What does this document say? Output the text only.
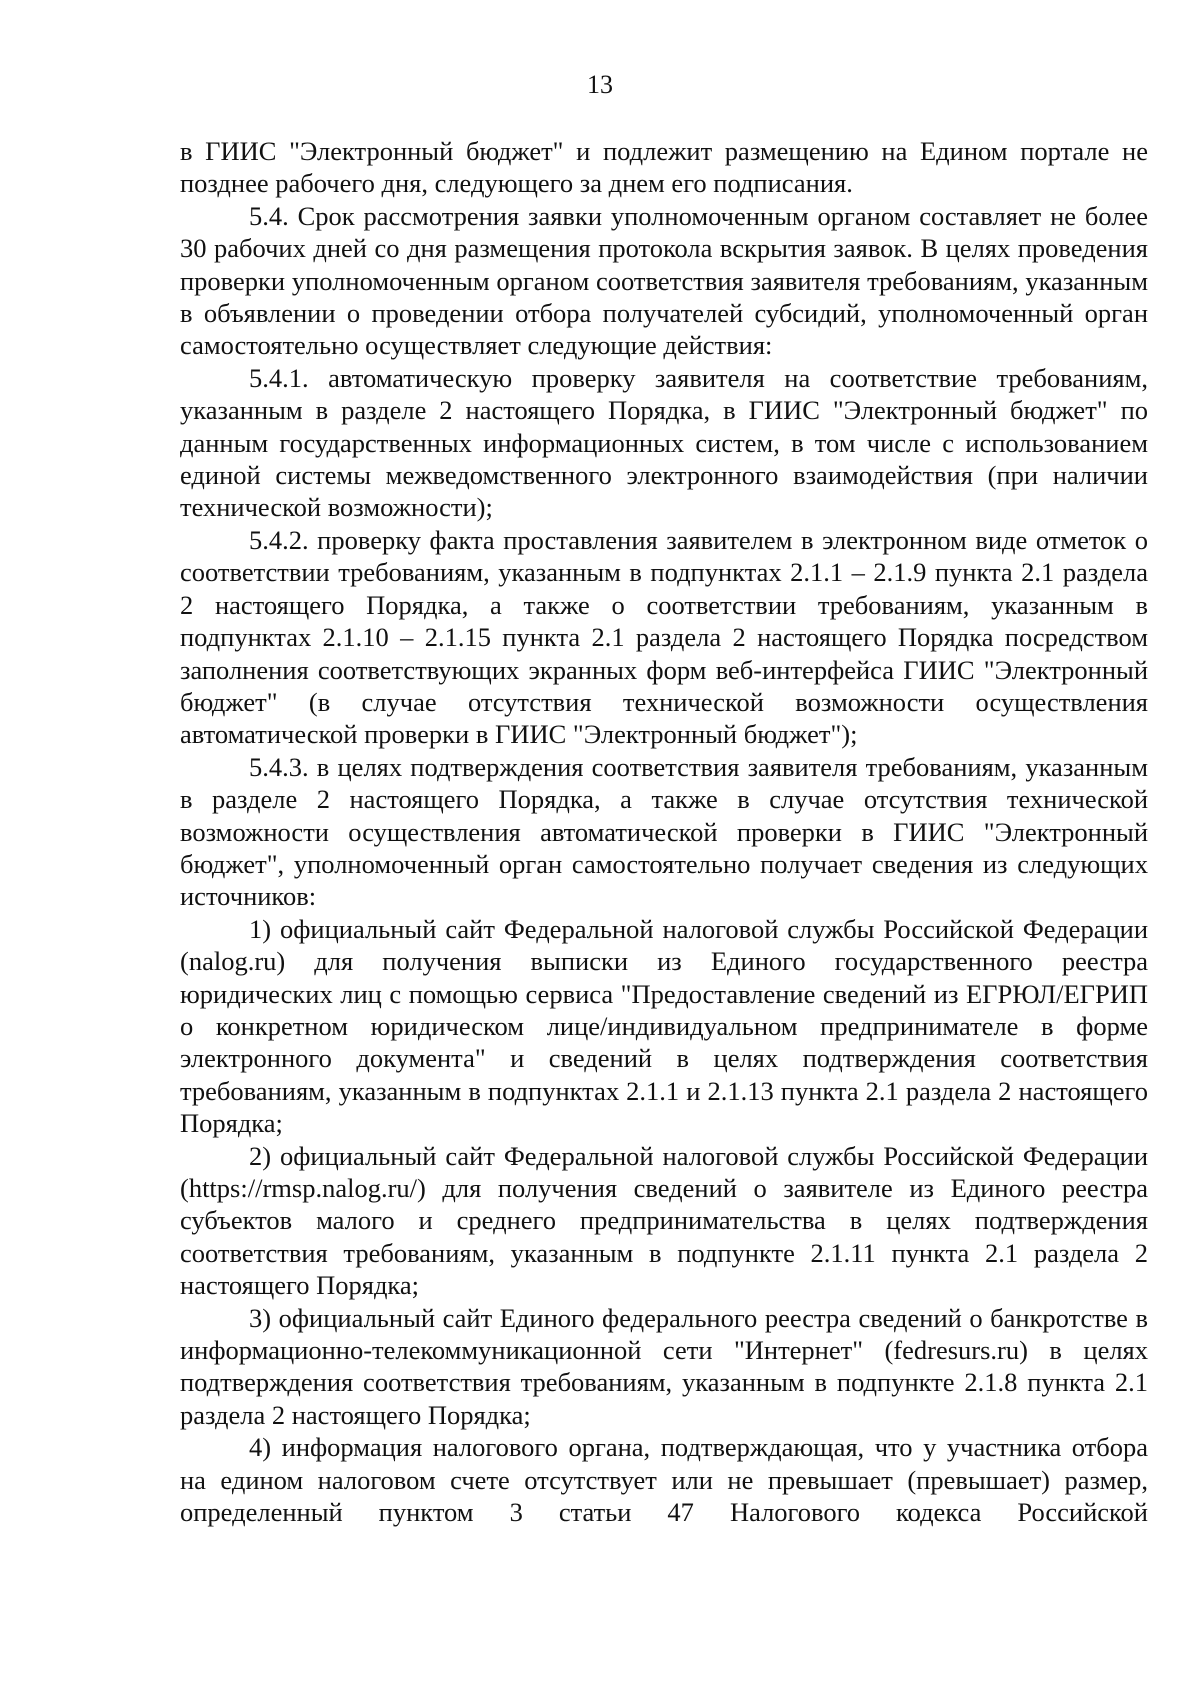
13

в ГИИС "Электронный бюджет" и подлежит размещению на Едином портале не позднее рабочего дня, следующего за днем его подписания.

5.4. Срок рассмотрения заявки уполномоченным органом составляет не более 30 рабочих дней со дня размещения протокола вскрытия заявок. В целях проведения проверки уполномоченным органом соответствия заявителя требованиям, указанным в объявлении о проведении отбора получателей субсидий, уполномоченный орган самостоятельно осуществляет следующие действия:

5.4.1. автоматическую проверку заявителя на соответствие требованиям, указанным в разделе 2 настоящего Порядка, в ГИИС "Электронный бюджет" по данным государственных информационных систем, в том числе с использованием единой системы межведомственного электронного взаимодействия (при наличии технической возможности);

5.4.2. проверку факта проставления заявителем в электронном виде отметок о соответствии требованиям, указанным в подпунктах 2.1.1 – 2.1.9 пункта 2.1 раздела 2 настоящего Порядка, а также о соответствии требованиям, указанным в подпунктах 2.1.10 – 2.1.15 пункта 2.1 раздела 2 настоящего Порядка посредством заполнения соответствующих экранных форм веб-интерфейса ГИИС "Электронный бюджет" (в случае отсутствия технической возможности осуществления автоматической проверки в ГИИС "Электронный бюджет");

5.4.3. в целях подтверждения соответствия заявителя требованиям, указанным в разделе 2 настоящего Порядка, а также в случае отсутствия технической возможности осуществления автоматической проверки в ГИИС "Электронный бюджет", уполномоченный орган самостоятельно получает сведения из следующих источников:

1) официальный сайт Федеральной налоговой службы Российской Федерации (nalog.ru) для получения выписки из Единого государственного реестра юридических лиц с помощью сервиса "Предоставление сведений из ЕГРЮЛ/ЕГРИП о конкретном юридическом лице/индивидуальном предпринимателе в форме электронного документа" и сведений в целях подтверждения соответствия требованиям, указанным в подпунктах 2.1.1 и 2.1.13 пункта 2.1 раздела 2 настоящего Порядка;

2) официальный сайт Федеральной налоговой службы Российской Федерации (https://rmsp.nalog.ru/) для получения сведений о заявителе из Единого реестра субъектов малого и среднего предпринимательства в целях подтверждения соответствия требованиям, указанным в подпункте 2.1.11 пункта 2.1 раздела 2 настоящего Порядка;

3) официальный сайт Единого федерального реестра сведений о банкротстве в информационно-телекоммуникационной сети "Интернет" (fedresurs.ru) в целях подтверждения соответствия требованиям, указанным в подпункте 2.1.8 пункта 2.1 раздела 2 настоящего Порядка;

4) информация налогового органа, подтверждающая, что у участника отбора на едином налоговом счете отсутствует или не превышает (превышает) размер, определенный пунктом 3 статьи 47 Налогового кодекса Российской
